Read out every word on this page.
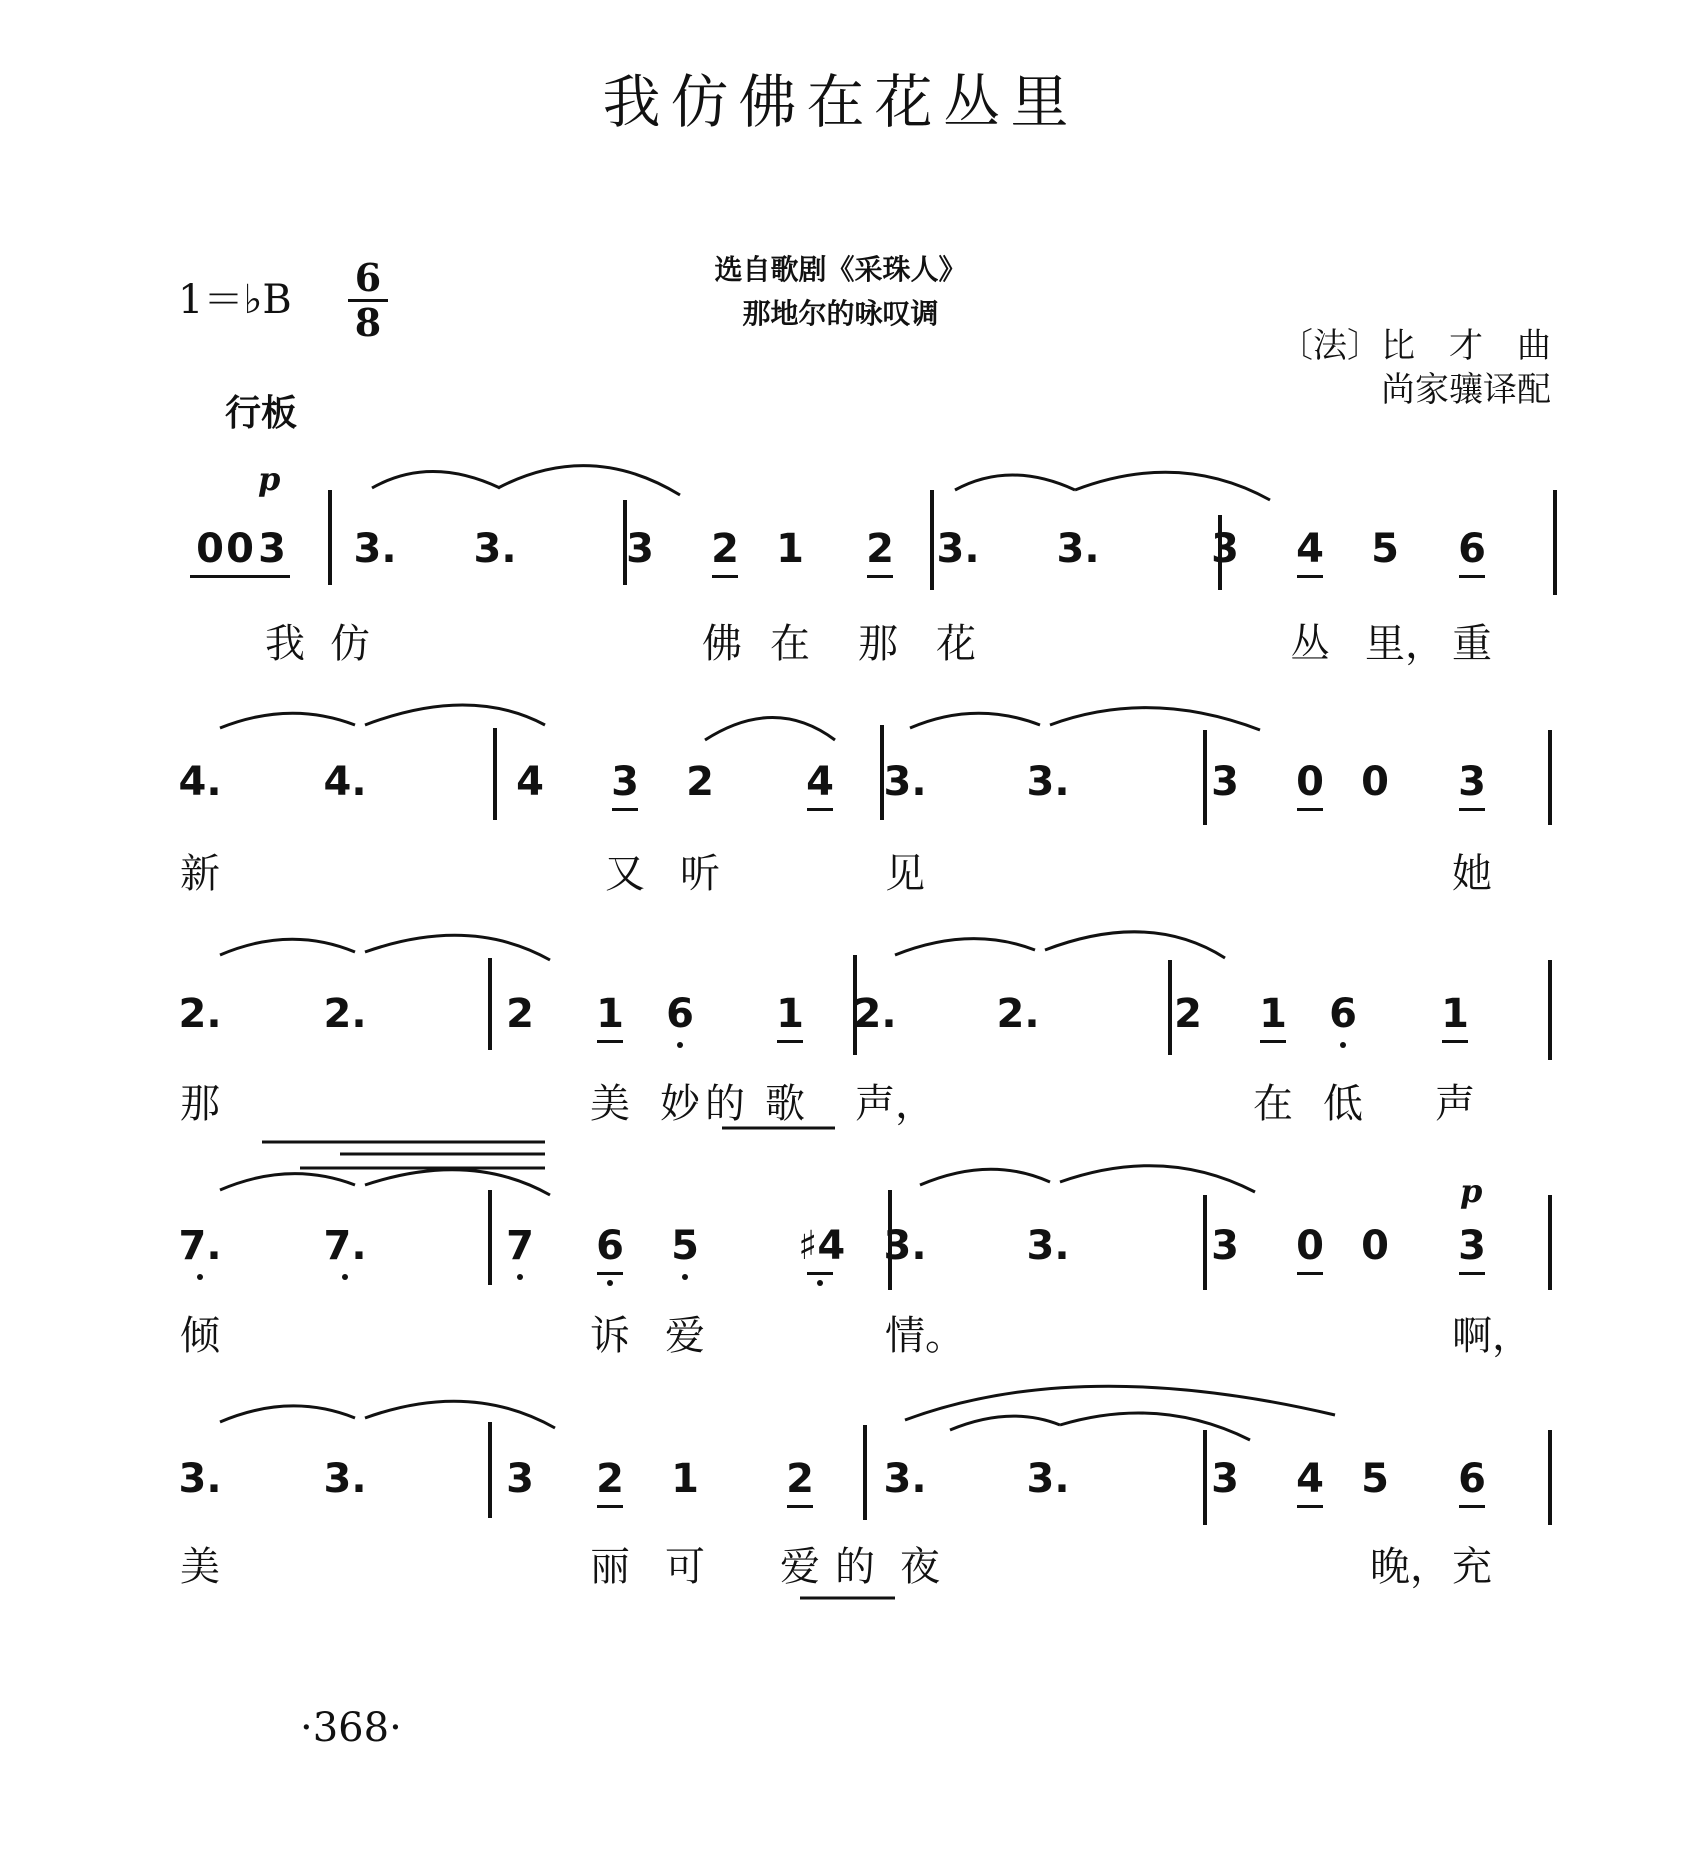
我仿佛在花丛里
1＝♭B 6
8
选自歌剧《采珠人》
那地尔的咏叹调
〔法〕比　才　曲
尚家骧译配
行板
p
p
0 0 3 3. 3.	3 2 1 2 3. 3.	3 4 5 6
我 仿	佛 在 那 花	丛 里， 重
4.	4.	4 3 2 4 3. 3.	3 0 0 3
新	又 听	见	她
2.	2.	2 1 6 1 2. 2.	2 1 6 1
那	美 妙 的 歌 声，	在 低 声
7.	7.	7 6 5 ♯4 3. 3.	3 0 0 3
倾	诉 爱	情。	啊，
3.	3.	3 2 1 2 3. 3.	3 4 5 6
美	丽 可 爱 的 夜	晚， 充
·368·
